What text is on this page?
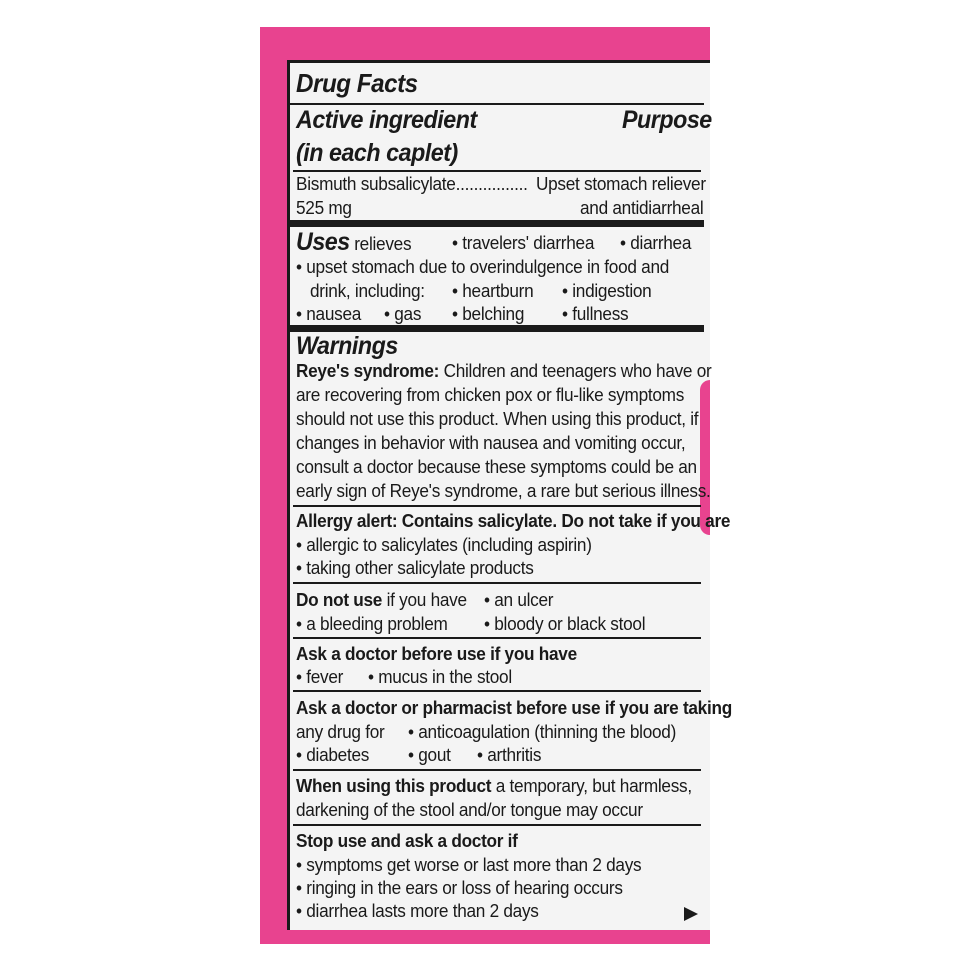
Drug Facts
Active ingredient	Purpose
(in each caplet)
Bismuth subsalicylate................ Upset stomach reliever
525 mg	and antidiarrheal
Uses relieves • travelers' diarrhea • diarrhea
• upset stomach due to overindulgence in food and
drink, including: • heartburn • indigestion
• nausea • gas • belching • fullness
Warnings
Reye's syndrome: Children and teenagers who have or
are recovering from chicken pox or flu-like symptoms
should not use this product. When using this product, if
changes in behavior with nausea and vomiting occur,
consult a doctor because these symptoms could be an
early sign of Reye's syndrome, a rare but serious illness.
Allergy alert: Contains salicylate. Do not take if you are
• allergic to salicylates (including aspirin)
• taking other salicylate products
Do not use if you have • an ulcer
• a bleeding problem • bloody or black stool
Ask a doctor before use if you have
• fever • mucus in the stool
Ask a doctor or pharmacist before use if you are taking
any drug for • anticoagulation (thinning the blood)
• diabetes • gout • arthritis
When using this product a temporary, but harmless,
darkening of the stool and/or tongue may occur
Stop use and ask a doctor if
• symptoms get worse or last more than 2 days
• ringing in the ears or loss of hearing occurs
• diarrhea lasts more than 2 days
